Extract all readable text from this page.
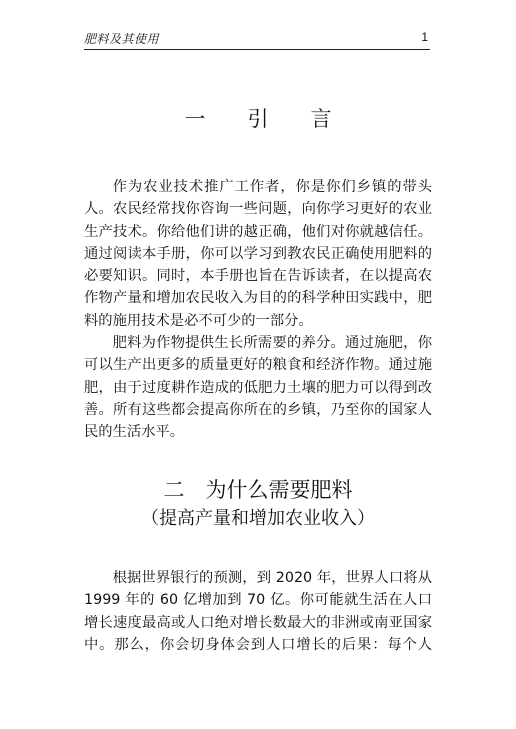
肥料及其使用	1
一　　引　　言

作为农业技术推广工作者，你是你们乡镇的带头人。农民经常找你咨询一些问题，向你学习更好的农业生产技术。你给他们讲的越正确，他们对你就越信任。通过阅读本手册，你可以学习到教农民正确使用肥料的必要知识。同时，本手册也旨在告诉读者，在以提高农作物产量和增加农民收入为目的的科学种田实践中，肥料的施用技术是必不可少的一部分。

肥料为作物提供生长所需要的养分。通过施肥，你可以生产出更多的质量更好的粮食和经济作物。通过施肥，由于过度耕作造成的低肥力土壤的肥力可以得到改善。所有这些都会提高你所在的乡镇，乃至你的国家人民的生活水平。

二　为什么需要肥料
（提高产量和增加农业收入）

根据世界银行的预测，到 2020 年，世界人口将从 1999 年的 60 亿增加到 70 亿。你可能就生活在人口增长速度最高或人口绝对增长数最大的非洲或南亚国家中。那么，你会切身体会到人口增长的后果：每个人
